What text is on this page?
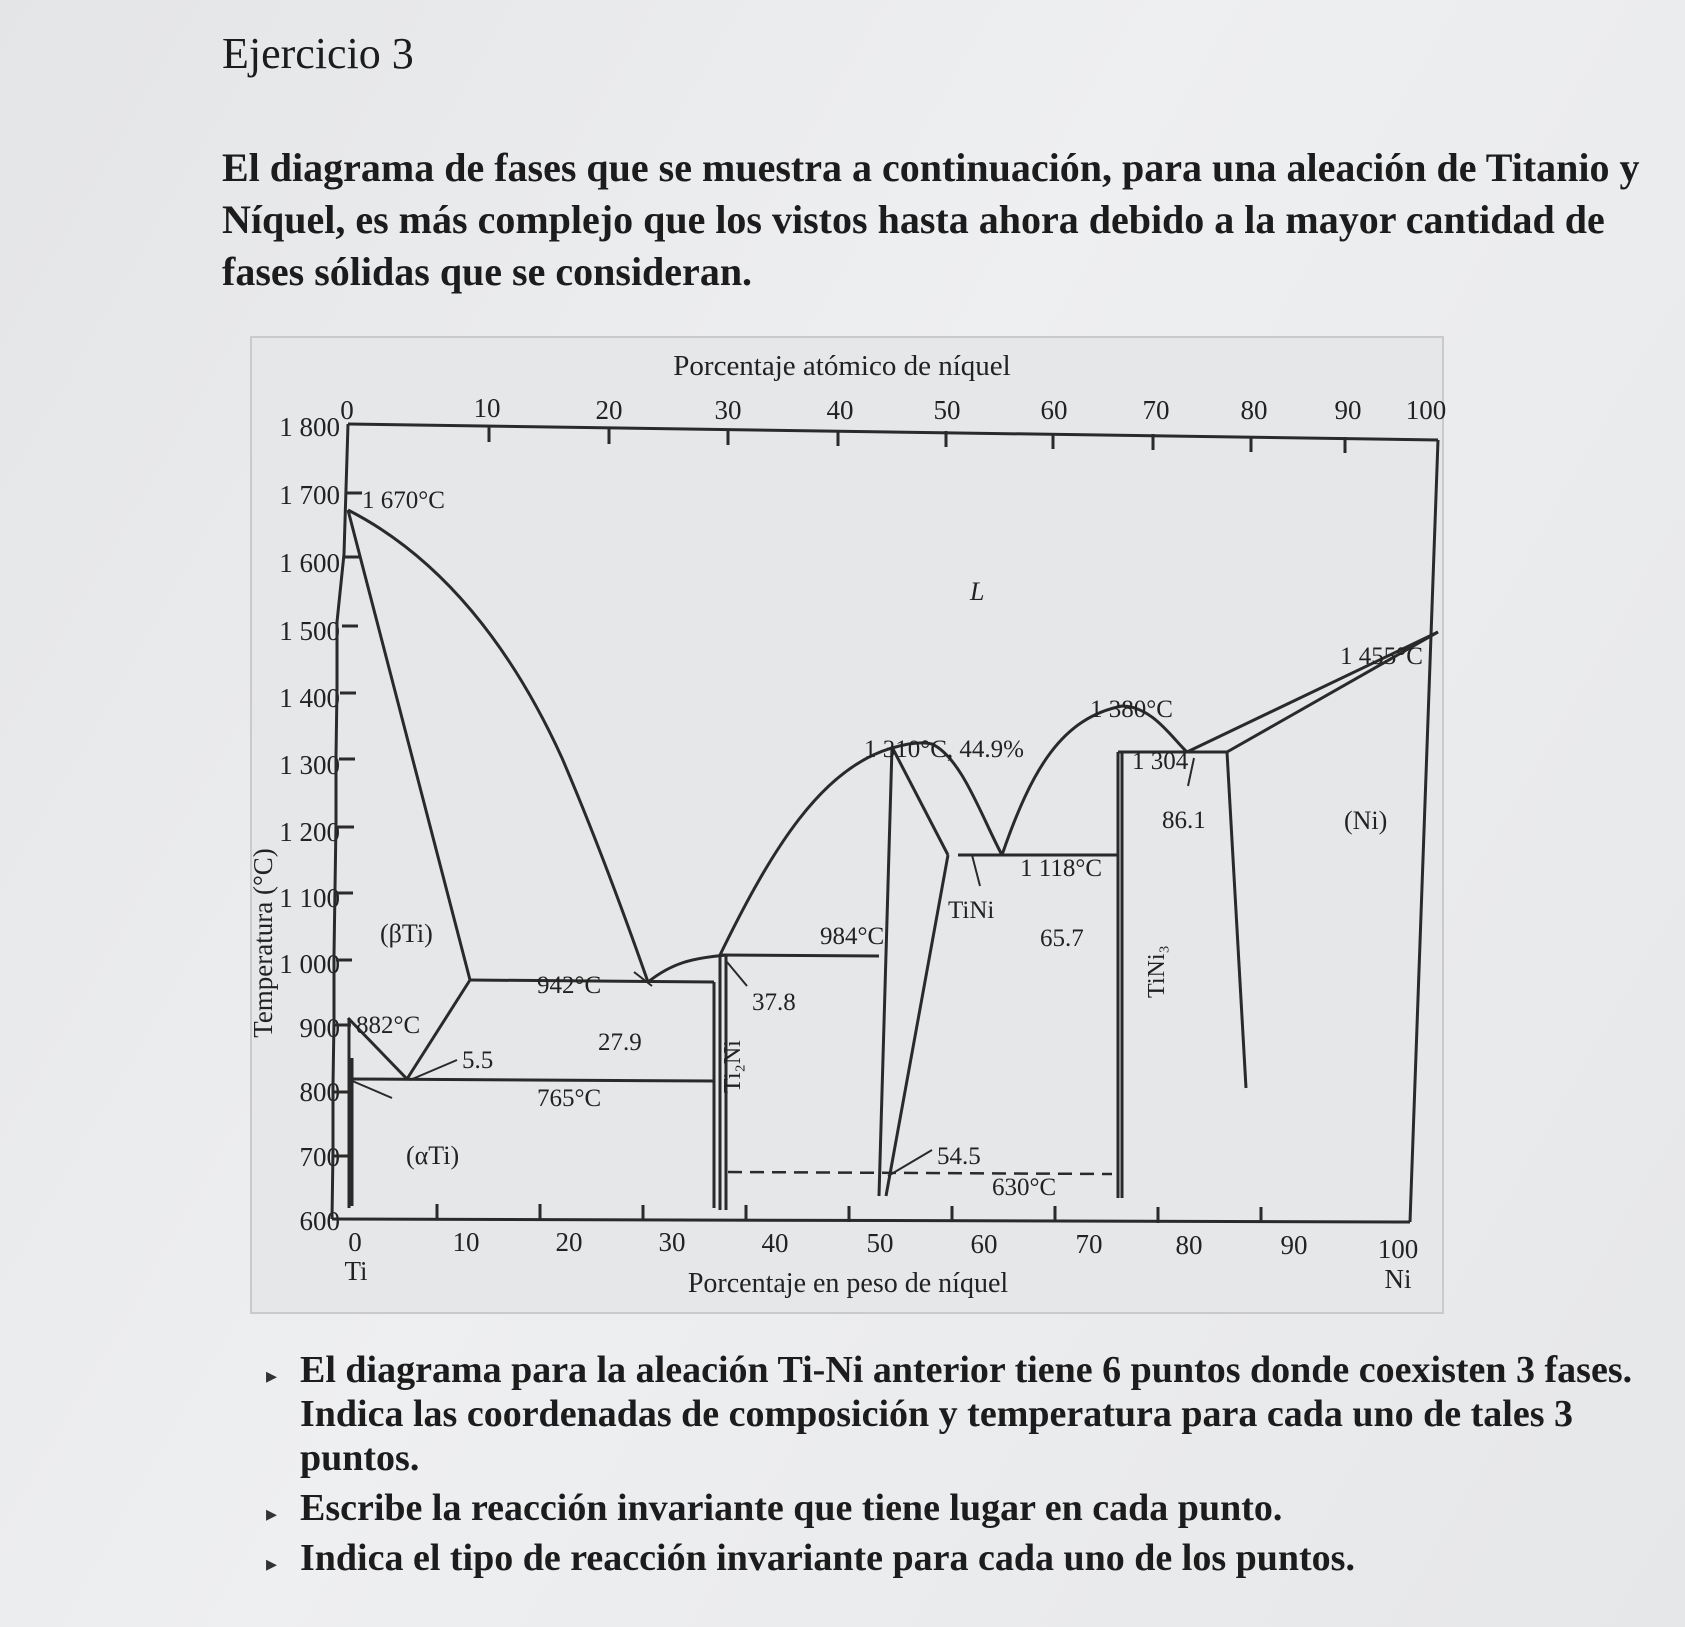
Ejercicio 3
El diagrama de fases que se muestra a continuación, para una aleación de Titanio y Níquel, es más complejo que los vistos hasta ahora debido a la mayor cantidad de fases sólidas que se consideran.
Porcentaje atómico de níquel
0	10	20	30	40	50	60	70	80 90 100
Temperatura (°C)
1 800
1 700
1 600
1 500
1 400
1 300
1 200
1 100
1 000
900
800
700
600
1 670°C
882°C
5.5
942°C
27.9
765°C
984°C
37.8
1 310°C, 44.9%
1 118°C
65.7
54.5
630°C
1 380°C
1 304
86.1
1 455°C
L
(βTi)
(αTi)
Ti₂Ni
TiNi
TiNi₃
(Ni)
0	10	20	30	40	50	60	70	80	90	100
Ti	Ni
Porcentaje en peso de níquel
▸ El diagrama para la aleación Ti-Ni anterior tiene 6 puntos donde coexisten 3 fases. Indica las coordenadas de composición y temperatura para cada uno de tales 3 puntos.
▸ Escribe la reacción invariante que tiene lugar en cada punto.
▸ Indica el tipo de reacción invariante para cada uno de los puntos.
